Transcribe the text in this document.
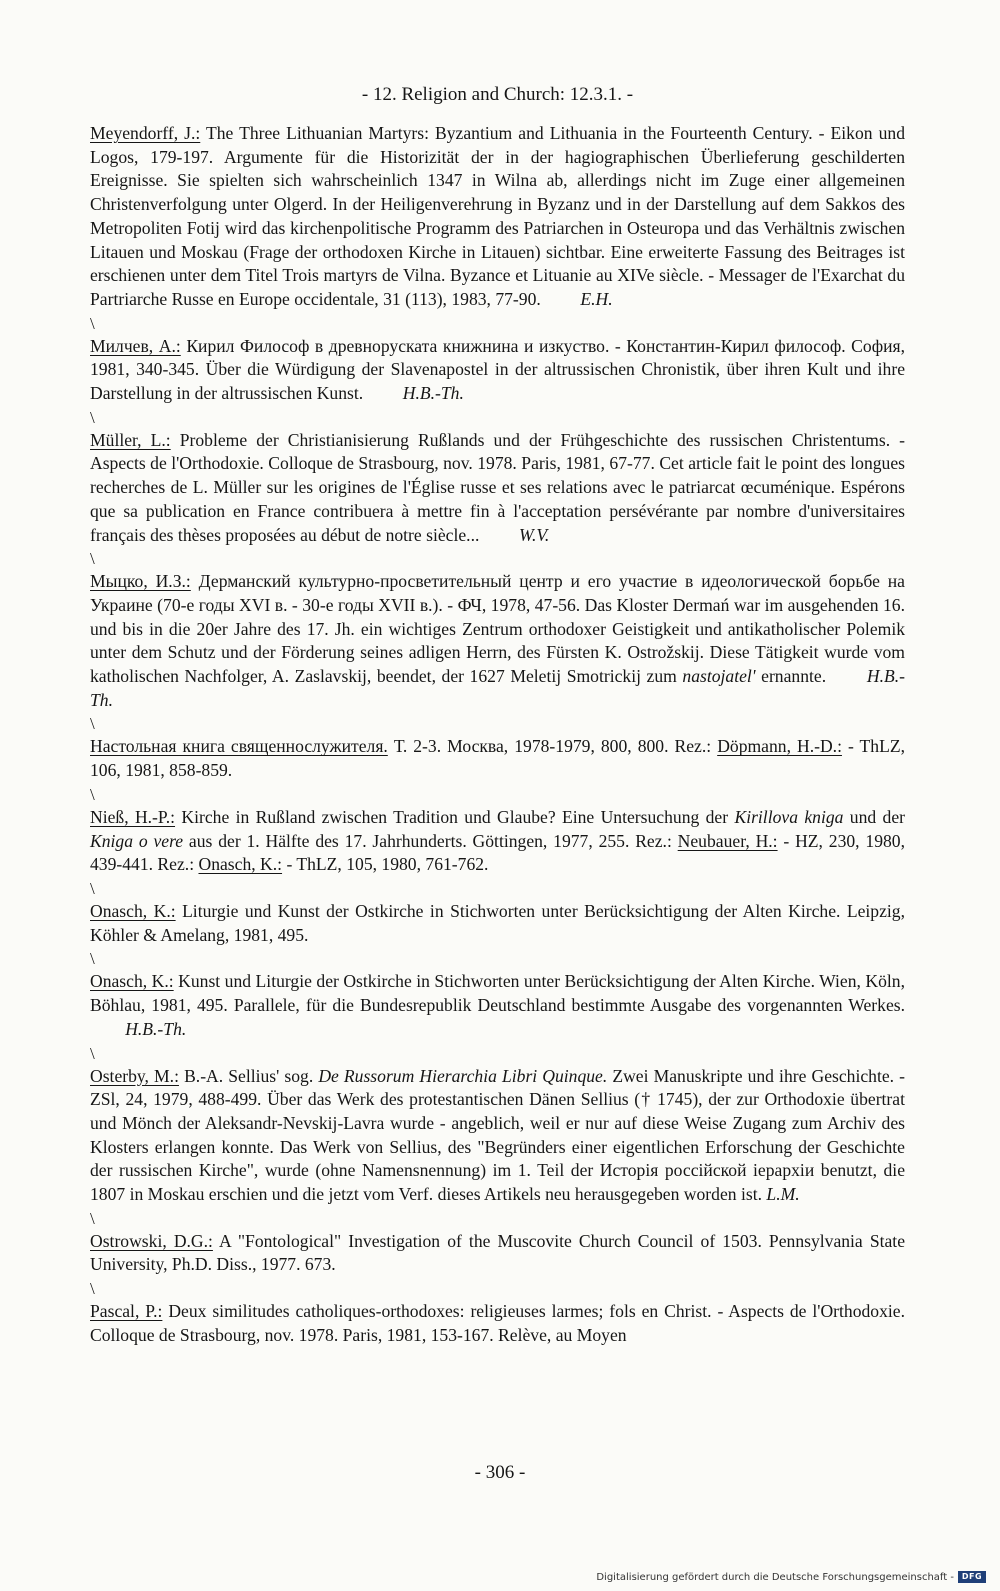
- 12. Religion and Church: 12.3.1. -

Meyendorff, J.: The Three Lithuanian Martyrs: Byzantium and Lithuania in the Fourteenth Century. - Eikon und Logos, 179-197. Argumente für die Historizität der in der hagiographischen Überlieferung geschilderten Ereignisse. Sie spielten sich wahrscheinlich 1347 in Wilna ab, allerdings nicht im Zuge einer allgemeinen Christenverfolgung unter Olgerd. In der Heiligenverehrung in Byzanz und in der Darstellung auf dem Sakkos des Metropoliten Fotij wird das kirchenpolitische Programm des Patriarchen in Osteuropa und das Verhältnis zwischen Litauen und Moskau (Frage der orthodoxen Kirche in Litauen) sichtbar. Eine erweiterte Fassung des Beitrages ist erschienen unter dem Titel Trois martyrs de Vilna. Byzance et Lituanie au XIVe siècle. - Messager de l'Exarchat du Partriarche Russe en Europe occidentale, 31 (113), 1983, 77-90.    E.H.

\

Милчев, А.: Кирил Философ в древноруската книжнина и изкуство. - Константин-Кирил философ. София, 1981, 340-345. Über die Würdigung der Slavenapostel in der altrussischen Chronistik, über ihren Kult und ihre Darstellung in der altrussischen Kunst.    H.B.-Th.

\

Müller, L.: Probleme der Christianisierung Rußlands und der Frühgeschichte des russischen Christentums. - Aspects de l'Orthodoxie. Colloque de Strasbourg, nov. 1978. Paris, 1981, 67-77. Cet article fait le point des longues recherches de L. Müller sur les origines de l'Église russe et ses relations avec le patriarcat œcuménique. Espérons que sa publication en France contribuera à mettre fin à l'acceptation persévérante par nombre d'universitaires français des thèses proposées au début de notre siècle...    W.V.

\

Мыцко, И.З.: Дерманский культурно-просветительный центр и его участие в идеологической борьбе на Украине (70-е годы XVI в. - 30-е годы XVII в.). - ФЧ, 1978, 47-56. Das Kloster Dermań war im ausgehenden 16. und bis in die 20er Jahre des 17. Jh. ein wichtiges Zentrum orthodoxer Geistigkeit und antikatholischer Polemik unter dem Schutz und der Förderung seines adligen Herrn, des Fürsten K. Ostrožskij. Diese Tätigkeit wurde vom katholischen Nachfolger, A. Zaslavskij, beendet, der 1627 Meletij Smotrickij zum nastojatel' ernannte.    H.B.-Th.

\

Настольная книга священнослужителя. Т. 2-3. Москва, 1978-1979, 800, 800. Rez.: Döpmann, H.-D.: - ThLZ, 106, 1981, 858-859.

\

Nieß, H.-P.: Kirche in Rußland zwischen Tradition und Glaube? Eine Untersuchung der Kirillova kniga und der Kniga o vere aus der 1. Hälfte des 17. Jahrhunderts. Göttingen, 1977, 255. Rez.: Neubauer, H.: - HZ, 230, 1980, 439-441. Rez.: Onasch, K.: - ThLZ, 105, 1980, 761-762.

\

Onasch, K.: Liturgie und Kunst der Ostkirche in Stichworten unter Berücksichtigung der Alten Kirche. Leipzig, Köhler & Amelang, 1981, 495.

\

Onasch, K.: Kunst und Liturgie der Ostkirche in Stichworten unter Berücksichtigung der Alten Kirche. Wien, Köln, Böhlau, 1981, 495. Parallele, für die Bundesrepublik Deutschland bestimmte Ausgabe des vorgenannten Werkes.   H.B.-Th.

\

Osterby, M.: B.-A. Sellius' sog. De Russorum Hierarchia Libri Quinque. Zwei Manuskripte und ihre Geschichte. - ZSl, 24, 1979, 488-499. Über das Werk des protestantischen Dänen Sellius († 1745), der zur Orthodoxie übertrat und Mönch der Aleksandr-Nevskij-Lavra wurde - angeblich, weil er nur auf diese Weise Zugang zum Archiv des Klosters erlangen konnte. Das Werk von Sellius, des "Begründers einer eigentlichen Erforschung der Geschichte der russischen Kirche", wurde (ohne Namensnennung) im 1. Teil der Исторія россійской іерархіи benutzt, die 1807 in Moskau erschien und die jetzt vom Verf. dieses Artikels neu herausgegeben worden ist. L.M.

\

Ostrowski, D.G.: A "Fontological" Investigation of the Muscovite Church Council of 1503. Pennsylvania State University, Ph.D. Diss., 1977. 673.

\

Pascal, P.: Deux similitudes catholiques-orthodoxes: religieuses larmes; fols en Christ. - Aspects de l'Orthodoxie. Colloque de Strasbourg, nov. 1978. Paris, 1981, 153-167. Relève, au Moyen

- 306 -
Digitalisierung gefördert durch die Deutsche Forschungsgemeinschaft - DFG
